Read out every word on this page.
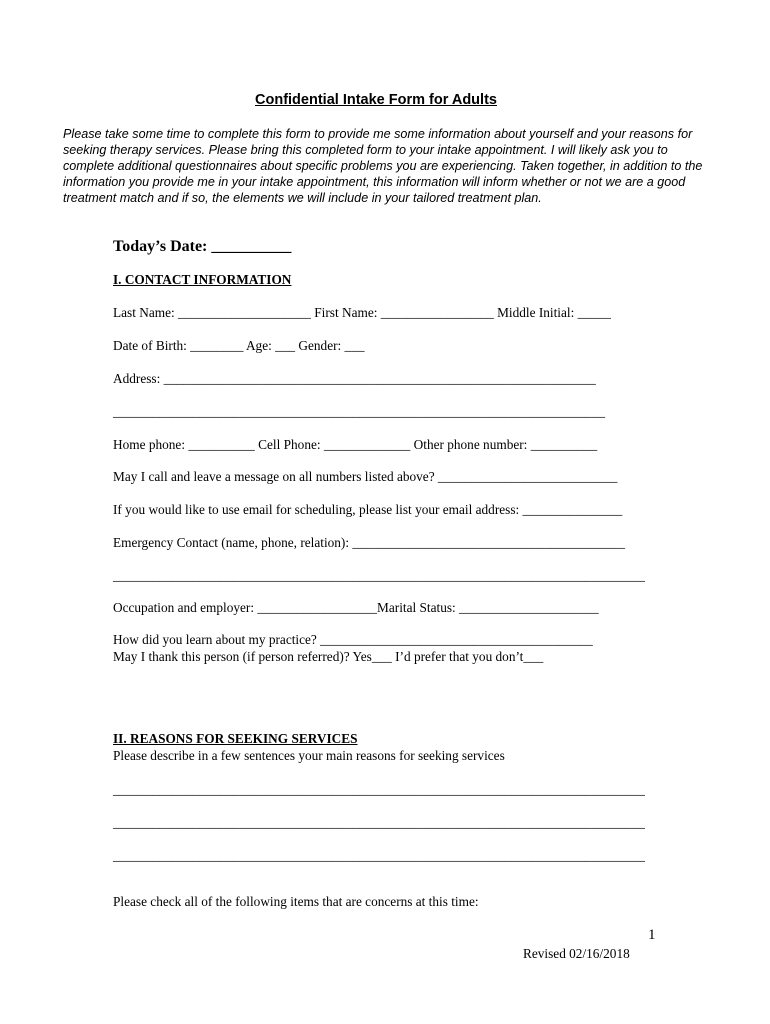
Confidential Intake Form for Adults
Please take some time to complete this form to provide me some information about yourself and your reasons for seeking therapy services. Please bring this completed form to your intake appointment. I will likely ask you to complete additional questionnaires about specific problems you are experiencing. Taken together, in addition to the information you provide me in your intake appointment, this information will inform whether or not we are a good treatment match and if so, the elements we will include in your tailored treatment plan.
Today’s Date: __________
I. CONTACT INFORMATION
Last Name: ____________________ First Name: _________________ Middle Initial: _____
Date of Birth: ________ Age: ___ Gender: ___
Address: _________________________________________________________________
__________________________________________________________________________
Home phone: __________ Cell Phone: _____________ Other phone number: __________
May I call and leave a message on all numbers listed above? ___________________________
If you would like to use email for scheduling, please list your email address: _______________
Emergency Contact (name, phone, relation): _________________________________________
________________________________________________________________________________
Occupation and employer: __________________Marital Status: _____________________
How did you learn about my practice? _________________________________________
May I thank this person (if person referred)? Yes___ I’d prefer that you don’t___
II. REASONS FOR SEEKING SERVICES
Please describe in a few sentences your main reasons for seeking services
________________________________________________________________________________
________________________________________________________________________________
________________________________________________________________________________
Please check all of the following items that are concerns at this time:
1
Revised 02/16/2018
